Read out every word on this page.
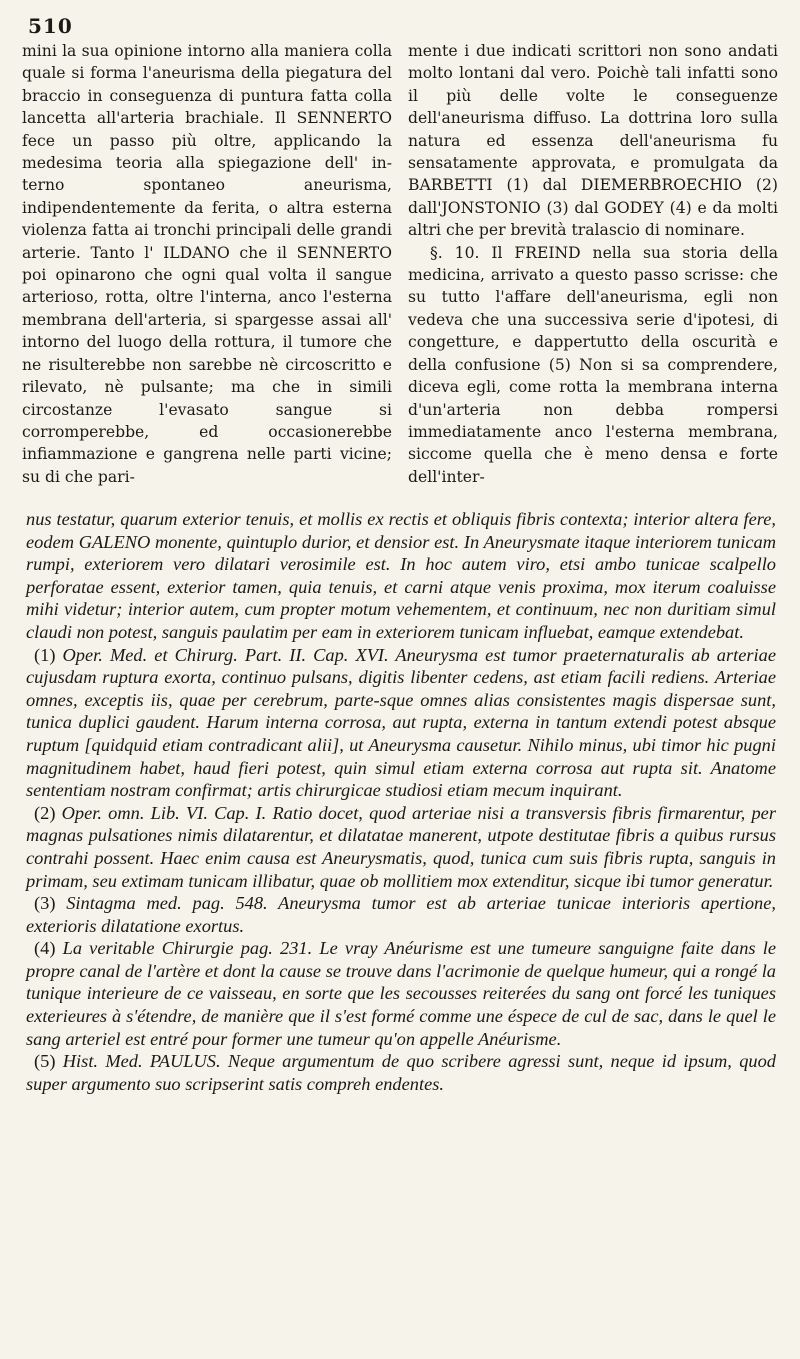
510

mini la sua opinione intorno alla maniera colla quale si forma l'aneurisma della piegatura del braccio in conseguenza di puntura fatta colla lancetta all'arteria brachiale. Il SENNERTO fece un passo più oltre, applicando la medesima teoria alla spiegazione dell' in- terno spontaneo aneurisma, indipendentemente da ferita, o altra esterna violenza fatta ai tronchi principali delle grandi arterie. Tanto l' ILDANO che il SENNERTO poi opinarono che ogni qual volta il sangue arterioso, rotta, oltre l'interna, anco l'esterna membrana dell'arteria, si spargesse assai all' intorno del luogo della rottura, il tumore che ne risulterebbe non sarebbe nè circoscritto e rilevato, nè pulsante; ma che in simili circostanze l'evasato sangue si corromperebbe, ed occasionerebbe infiammazione e gangrena nelle parti vicine; su di che pari-

mente i due indicati scrittori non sono andati molto lontani dal vero. Poichè tali infatti sono il più delle volte le conseguenze dell'aneurisma diffuso. La dottrina loro sulla natura ed essenza dell'aneurisma fu sensatamente approvata, e promulgata da BARBETTI (1) dal DIEMERBROECHIO (2) dall'JONSTONIO (3) dal GODEY (4) e da molti altri che per brevità tralascio di nominare.

§. 10. Il FREIND nella sua storia della medicina, arrivato a questo passo scrisse: che su tutto l'affare dell'aneurisma, egli non vedeva che una successiva serie d'ipotesi, di congetture, e dappertutto della oscurità e della confusione (5) Non si sa comprendere, diceva egli, come rotta la membrana interna d'un'arteria non debba rompersi immediatamente anco l'esterna membrana, siccome quella che è meno densa e forte dell'inter-

nus testatur, quarum exterior tenuis, et mollis ex rectis et obliquis fibris contexta; interior altera fere, eodem GALENO monente, quintuplo durior, et densior est. In Aneurysmate itaque interiorem tunicam rumpi, exteriorem vero dilatari verosimile est. In hoc autem viro, etsi ambo tunicae scalpello perforatae essent, exterior tamen, quia tenuis, et carni atque venis proxima, mox iterum coaluisse mihi videtur; interior autem, cum propter motum vehementem, et continuum, nec non duritiam simul claudi non potest, sanguis paulatim per eam in exteriorem tunicam influebat, eamque extendebat.

(1) Oper. Med. et Chirurg. Part. II. Cap. XVI. Aneurysma est tumor praeternaturalis ab arteriae cujusdam ruptura exorta, continuo pulsans, digitis libenter cedens, ast etiam facili rediens. Arteriae omnes, exceptis iis, quae per cerebrum, parte-sque omnes alias consistentes magis dispersae sunt, tunica duplici gaudent. Harum interna corrosa, aut rupta, externa in tantum extendi potest absque ruptum [quidquid etiam contradicant alii], ut Aneurysma causetur. Nihilo minus, ubi timor hic pugni magnitudinem habet, haud fieri potest, quin simul etiam externa corrosa aut rupta sit. Anatome sententiam nostram confirmat; artis chirurgicae studiosi etiam mecum inquirant.

(2) Oper. omn. Lib. VI. Cap. I. Ratio docet, quod arteriae nisi a transversis fibris firmarentur, per magnas pulsationes nimis dilatarentur, et dilatatae manerent, utpote destitutae fibris a quibus rursus contrahi possent. Haec enim causa est Aneurysmatis, quod, tunica cum suis fibris rupta, sanguis in primam, seu extimam tunicam illibatur, quae ob mollitiem mox extenditur, sicque ibi tumor generatur.

(3) Sintagma med. pag. 548. Aneurysma tumor est ab arteriae tunicae interioris apertione, exterioris dilatatione exortus.

(4) La veritable Chirurgie pag. 231. Le vray Anéurisme est une tumeure sanguigne faite dans le propre canal de l'artère et dont la cause se trouve dans l'acrimonie de quelque humeur, qui a rongé la tunique interieure de ce vaisseau, en sorte que les secousses reiterées du sang ont forcé les tuniques exterieures à s'étendre, de manière que il s'est formé comme une éspece de cul de sac, dans le quel le sang arteriel est entré pour former une tumeur qu'on appelle Anéurisme.

(5) Hist. Med. PAULUS. Neque argumentum de quo scribere agressi sunt, neque id ipsum, quod super argumento suo scripserint satis compreh endentes.
